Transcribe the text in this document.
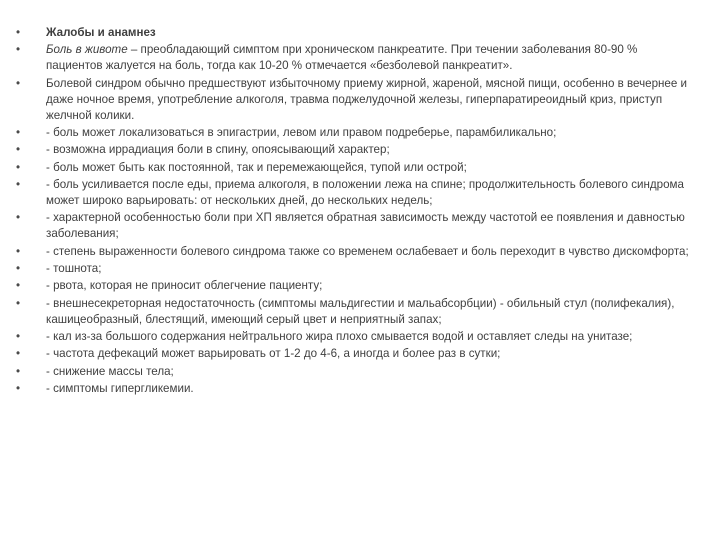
•	Жалобы и анамнез
•	Боль в животе – преобладающий симптом при хроническом панкреатите. При течении заболевания 80-90 % пациентов жалуется на боль, тогда как 10-20 % отмечается «безболевой панкреатит».
•	Болевой синдром обычно предшествуют избыточному приему жирной, жареной, мясной пищи, особенно в вечернее и даже ночное время, употребление алкоголя, травма поджелудочной железы, гиперпаратиреоидный криз, приступ желчной колики.
•	- боль может локализоваться в эпигастрии, левом или правом подреберье, парамбиликально;
•	- возможна иррадиация боли в спину, опоясывающий характер;
•	- боль может быть как постоянной, так и перемежающейся, тупой или острой;
•	- боль усиливается после еды, приема алкоголя, в положении лежа на спине; продолжительность болевого синдрома может широко варьировать: от нескольких дней, до нескольких недель;
•	- характерной особенностью боли при ХП является обратная зависимость между частотой ее появления и давностью заболевания;
•	- степень выраженности болевого синдрома также со временем ослабевает и боль переходит в чувство дискомфорта;
•	- тошнота;
•	- рвота, которая не приносит облегчение пациенту;
•	- внешнесекреторная недостаточность (симптомы мальдигестии и мальабсорбции) - обильный стул (полифекалия), кашицеобразный, блестящий, имеющий серый цвет и неприятный запах;
•	- кал из-за большого содержания нейтрального жира плохо смывается водой и оставляет следы на унитазе;
•	- частота дефекаций может варьировать от 1-2 до 4-6, а иногда и более раз в сутки;
•	- снижение массы тела;
•	- симптомы гипергликемии.
